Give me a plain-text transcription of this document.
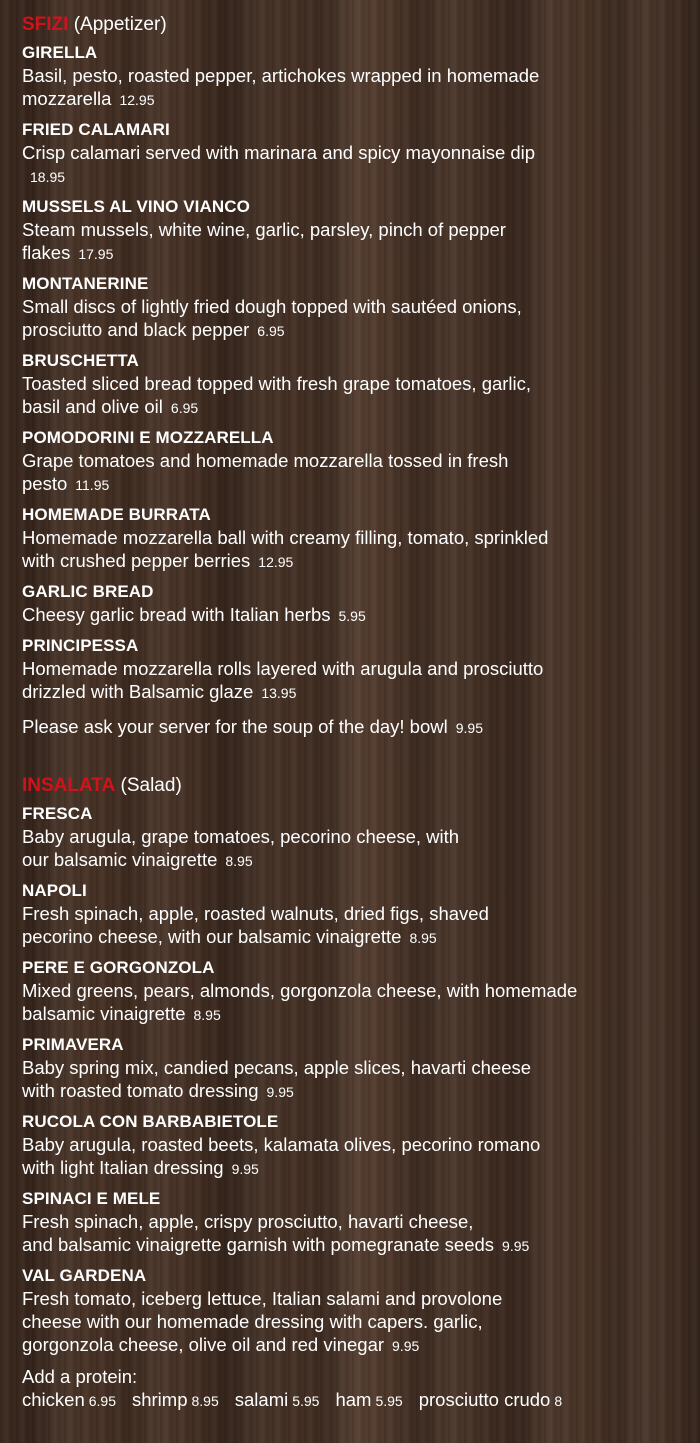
SFIZI (Appetizer)
GIRELLA
Basil, pesto, roasted pepper, artichokes wrapped in homemade
mozzarella 12.95
FRIED CALAMARI
Crisp calamari served with marinara and spicy mayonnaise dip
18.95
MUSSELS AL VINO VIANCO
Steam mussels, white wine, garlic, parsley, pinch of pepper
flakes 17.95
MONTANERINE
Small discs of lightly fried dough topped with sautéed onions,
prosciutto and black pepper 6.95
BRUSCHETTA
Toasted sliced bread topped with fresh grape tomatoes, garlic,
basil and olive oil 6.95
POMODORINI E MOZZARELLA
Grape tomatoes and homemade mozzarella tossed in fresh
pesto 11.95
HOMEMADE BURRATA
Homemade mozzarella ball with creamy filling, tomato, sprinkled
with crushed pepper berries 12.95
GARLIC BREAD
Cheesy garlic bread with Italian herbs 5.95
PRINCIPESSA
Homemade mozzarella rolls layered with arugula and prosciutto
drizzled with Balsamic glaze 13.95
Please ask your server for the soup of the day! bowl 9.95
INSALATA (Salad)
FRESCA
Baby arugula, grape tomatoes, pecorino cheese, with
our balsamic vinaigrette 8.95
NAPOLI
Fresh spinach, apple, roasted walnuts, dried figs, shaved
pecorino cheese, with our balsamic vinaigrette 8.95
PERE E GORGONZOLA
Mixed greens, pears, almonds, gorgonzola cheese, with homemade
balsamic vinaigrette 8.95
PRIMAVERA
Baby spring mix, candied pecans, apple slices, havarti cheese
with roasted tomato dressing 9.95
RUCOLA CON BARBABIETOLE
Baby arugula, roasted beets, kalamata olives, pecorino romano
with light Italian dressing 9.95
SPINACI E MELE
Fresh spinach, apple, crispy prosciutto, havarti cheese,
and balsamic vinaigrette garnish with pomegranate seeds 9.95
VAL GARDENA
Fresh tomato, iceberg lettuce, Italian salami and provolone
cheese with our homemade dressing with capers. garlic,
gorgonzola cheese, olive oil and red vinegar 9.95
Add a protein:
chicken 6.95 shrimp 8.95 salami 5.95 ham 5.95 prosciutto crudo 8
